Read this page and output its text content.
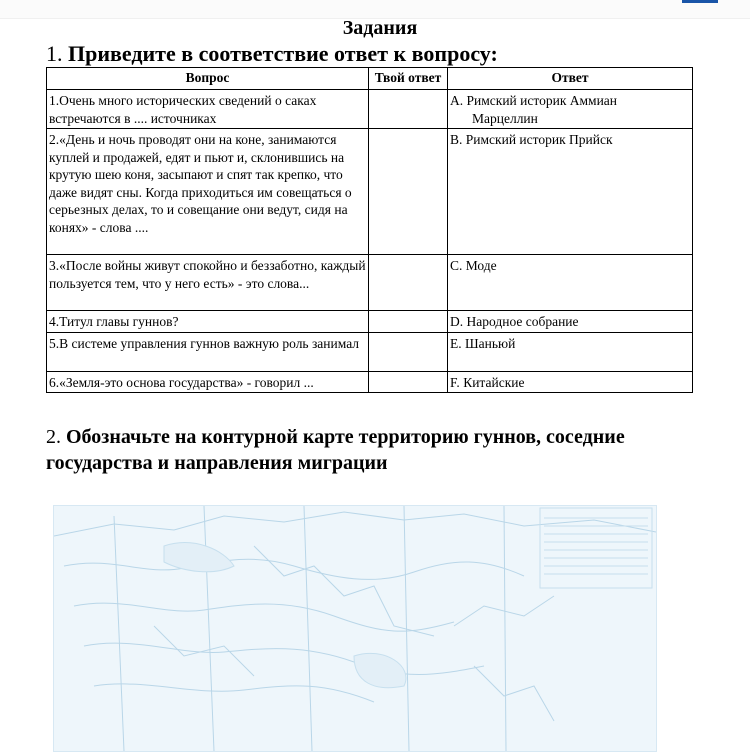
Задания
1. Приведите в соответствие ответ к вопросу:
Вопрос	Твой ответ	Ответ
1.Очень много исторических сведений о саках встречаются в .... источниках		A. Римский историк Аммиан
Марцеллин

2.«День и ночь проводят они на коне, занимаются куплей и продажей, едят и пьют и, склонившись на крутую шею коня, засыпают и спят так крепко, что даже видят сны. Когда приходиться им совещаться о серьезных делах, то и совещание они ведут, сидя на конях» - слова ....		B. Римский историк Прийск
3.«После войны живут спокойно и беззаботно, каждый пользуется тем, что у него есть» - это слова...		C. Моде
4.Титул главы гуннов?		D. Народное собрание
5.В системе управления гуннов важную роль занимал		E. Шаньюй
6.«Земля-это основа государства» - говорил ...		F. Китайские
2. Обозначьте на контурной карте территорию гуннов, соседние государства и направления миграции
